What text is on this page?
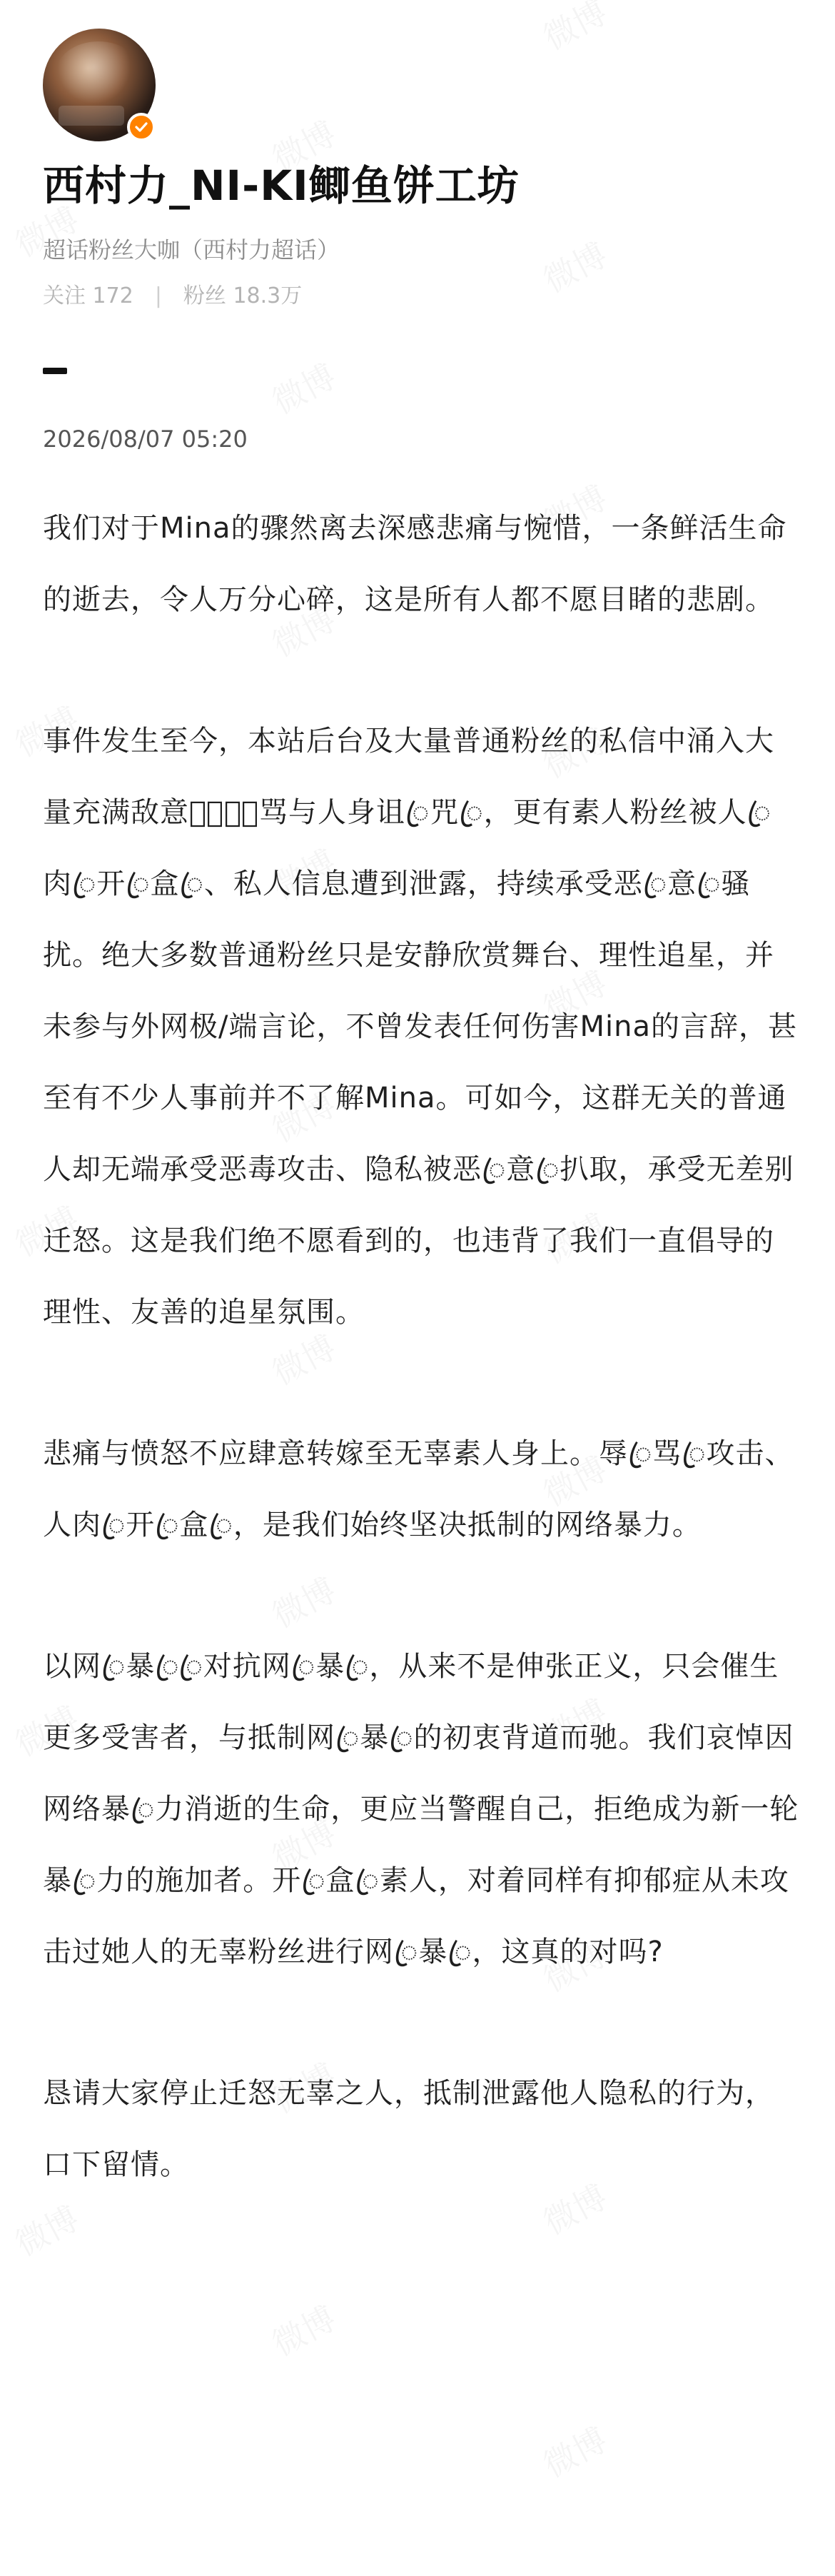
西村力_NI-KI鲫鱼饼工坊
超话粉丝大咖（西村力超话）
关注 172 | 粉丝 18.3万
2026/08/07 05:20

我们对于Mina的骤然离去深感悲痛与惋惜，一条鲜活生命的逝去，令人万分心碎，这是所有人都不愿目睹的悲剧。

事件发生至今，本站后台及大量普通粉丝的私信中涌入大量充满敌意的͙谩͙骂与人身诅ꦿ咒ꦿ，更有素人粉丝被人ꦿ肉ꦿ开ꦿ盒ꦿ、私人信息遭到泄露，持续承受恶ꦿ意ꦿ骚扰。绝大多数普通粉丝只是安静欣赏舞台、理性追星，并未参与外网极/端言论，不曾发表任何伤害Mina的言辞，甚至有不少人事前并不了解Mina。可如今，这群无关的普通人却无端承受恶毒攻击、隐私被恶ꦿ意ꦿ扒取，承受无差别迁怒。这是我们绝不愿看到的，也违背了我们一直倡导的理性、友善的追星氛围。

悲痛与愤怒不应肆意转嫁至无辜素人身上。辱ꦿ骂ꦿ攻击、人肉ꦿ开ꦿ盒ꦿ，是我们始终坚决抵制的网络暴力。

以网ꦿ暴ꦿꦿ对抗网ꦿ暴ꦿ，从来不是伸张正义，只会催生更多受害者，与抵制网ꦿ暴ꦿ的初衷背道而驰。我们哀悼因网络暴ꦿ力消逝的生命，更应当警醒自己，拒绝成为新一轮暴ꦿ力的施加者。开ꦿ盒ꦿ素人，对着同样有抑郁症从未攻击过她人的无辜粉丝进行网ꦿ暴ꦿ，这真的对吗?

恳请大家停止迁怒无辜之人，抵制泄露他人隐私的行为，口下留情。
